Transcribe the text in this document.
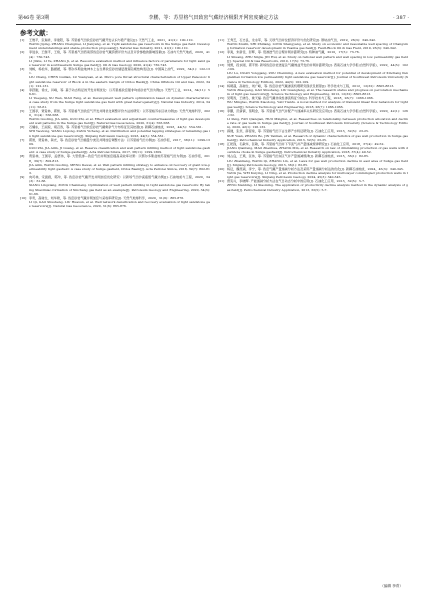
第46卷 第3期	李鹏，等：苏里格气田致密气藏经济极限开网密度确定方法	· 387 ·
参考文献：

[1] 王维平，张瑞祥，李建阳，等. 苏里格气田致密砂岩气藏开发认识与稳产建议[J]. 天然气工业，2021，41(2)：100-110.

WANG Jiping, ZHANG Chengmei, LI Jianyang, et al. Tight sandstone gas reservoirs in the Sulige gas field: Development understandings and stable-production proposals[J]. Natural Gas Industry, 2021, 41(2): 100-110.

[2] 李进步，王继平，王艳，等. 苏里格气田西南部致密砂岩气藏资源评价方法及评价参数的影响因素[J]. 石油与天然气地质，2020，41(4)：730-743.

LI Jinbu, LI Ye, ZHANG Ji, et al. Resource evaluation method and influence factors of parameters for tight sand gas reservoir in southwestern Sulige gas field[J]. Oil & Gas Geology, 2020, 41(4): 730-743.

[3] 刘畅，杨松华，路媛媛，等. 鄂尔多斯盆地神木上古生界致密砂岩储层微观孔喉结构表征[J]. 中国海上油气，2022，34(1)：122-131.

LIU Chang, CHEN Guilian, LU Yuanyuan, et al. Micro pore throat structural characterization of Upper Paleozoic tight sandstone reservoir of Block A in the eastern margin of Ordos Basin[J]. China Offshore Oil and Gas, 2022, 34(1): 122-131.

[4] 李跃刚，徐文，肖峰，等. 基于动态特征的开发井网优化：以苏里格致密强非均质砂岩气田为例[J]. 天然气工业，2014，34(11)：56-61.

LI Yuegang, XU Wen, XIAO Feng, et al. Development well pattern optimization based on dynamic characteristics: A case study from the Sulige tight sandstone gas field with great heterogeneity[J]. Natural Gas Industry, 2014, 34(11): 56-61.

[5] 王国亭，贾爱林，郭智，等. 苏里格气田致密气开发井网优化调整评价方法的研究：以苏里格苏东区块为例[J]. 天然气地球科学，2020，31(4)：556-568.

WANG Guoting, JIA Ailin, GUO Zhi, et al. Effect evaluation and adjustment countermeasures of tight gas development well patterns in the Sulige gas field[J]. Natural Gas Geoscience, 2020, 31(4): 556-568.

[6] 石耀东，王丽琼，胡召涛，等. 苏里格气田致密砂岩气藏剩余气分布特征及其挖潜[J]. 新疆石油地质，2023，44(5)：554-561.

SHI Yaodong, WANG Liqiong, ZANG Yicheng, et al. Distribution and potential tapping strategies of remaining gas in tight sandstone gas reservoirs[J]. Xinjiang Petroleum Geology, 2023, 44(5): 554-561.

[7] 郭智，贾爱林，冀光，等. 致密砂岩气田储量分类及井网加密调整方法：以苏里格气田为例[J]. 石油学报，2017，38(11)：1299-1309.

GUO Zhi, JIA Ailin, JI Guang, et al. Reserve classification and well pattern infilling method of tight sandstone gasfield: A case study of Sulige gasfield[J]. Acta Petrolei Sinica, 2017, 38(11): 1299-1309.

[8] 贾爱林，王国亭，孟德伟，等. 大型低渗—致密气田井网加密提高采收率对策：以鄂尔多斯盆地苏里格气田为例[J]. 石油学报，2018，39(7)：802-813.

JIA Ailin, WANG Guoting, MENG Dewei, et al. Well pattern infilling strategy to enhance oil recovery of giant low-permeability tight gasfield: A case study of Sulige gasfield, Ordos Basin[J]. Acta Petrolei Sinica, 2018, 39(7): 802-813.

[9] 向司林，宋振廊，郭冲，等. 致密砂岩气藏开发井网加密优化研究：以新场气田沙溪庙组气藏为例[J]. 石油地质与工程，2020，34(3)：61-66.

XIANG Lingxiang, ZONG Chenmeng. Optimization of well pattern infilling in tight sandstone gas reservoirs: By taking Shaximiao formation of Xinchang gas field as an example[J]. Petroleum Geology and Engineering, 2020, 34(3): 61-66.

[10] 李奇，高树生，刘华勋，等. 致密砂岩气藏井网加密与采收率研究[J]. 天然气地球科学，2020，31(6)：865-876.

LI Qi, GAO Shusheng, LIU Huaxun, et al. Well network densification and recovery evaluation of tight sandstone gas reservoirs[J]. Natural Gas Geoscience, 2020, 31(6): 865-876.

[11] 王秀芝，石志良，龙永军，等. 元坝气田井位经济评价与优化研究[J]. 断块油气田，2019，26(3)：340-342.

WANG Xiuzhi, SHI Zhiliang, LONG Shengyang, et al. Study on economic and reasonable well spacing of Changxing formation reservoir development in Yuanba gas field[J]. Fault-Block Oil & Gas Field, 2019, 26(3): 340-342.

[12] 李爽，朱新佳，彭辉，等. 低渗透气田合理井网井距研究[J]. 特种油气藏，2010，17(5)：73-76.

LI Shuang, ZHU Xinjia, JIN Hui, et al. Study on rational well pattern and well spacing in low permeability gas field[J]. Special Oil & Gas Reservoirs, 2010, 17(5): 73-76.

[13] 刘源，段永刚，郭平智. 新场致密砂岩透复杂气藏效益开发的井网井距研究[J]. 西南石油大学学报(自然科学版)，2022，44(5)：102-109.

LIU Lu, DUAN Yonggang, ZOU Chenming. A new evaluation method for potential of development of Xinchang Penglaizhen formation low permeability tight sandstone gas reservoir[J]. Journal of Southwest Petroleum University (Science & Technology Edition), 2022, 44(5): 102-109.

[14] 杨朝蓬，高树生，刘广峰，等. 致密砂岩气藏渗流机理研究现状及展望[J]. 科学技术与工程，2012，12(32)：8605-8613.

YANG Zhaopeng, GAO Shusheng, LIU Guangfeng, et al. The research status and progress on percolation mechanism of tight gas reservoirs[J]. Science Technology and Engineering, 2012, 12(32): 8605-8613.

[15] 吴明涛，王晓冬，姚天福. 致密气藏非线性渗流特征分析[J]. 科学技术与工程，2018，26(7)：1066-1066.

WU Mingtao, WANG Xiaodong, YAO Tianfu. A novel method for analysis of transient linear flow behaviors for tight gas well[J]. Science Technology and Engineering, 2018, 26(7): 1066-1066.

[16] 李鹏，范倩倩，蔡明金，等. 苏里格气田气井配产与递减率关系研究及应用[J]. 西南石油大学学报(自然科学版)，2020，42(1)：126-132.

LI Peng, FAN Qianqian, HUO Minghui, et al. Researches on relationship between production allocation and decline rate of gas wells in Sulige gas field[J]. Journal of Southwest Petroleum University (Science & Technology Edition), 2020, 42(1): 126-132.

[17] 薛健，张宾，薛留常，等. 苏里格气田下古生界产水特征研究[J]. 石油化工应用，2013，32(5)：23-25.

XUE Yuan, ZHANG Bo, JIN Yanlian, et al. Research of dynamic characteristics of gas well production in Sulige gas field[J]. Petrochemical Industry Application, 2013, 32(5): 23-25.

[18] 江乾锋，毛敏华，张敏，等. 苏里格气田井下节流气井产量递减规律研究[J]. 石油化工应用，2018，37(4)：49-52.

JIANG Qianfeng, MAO Zhenhua, ZHANG Min, et al. Research on law of diminishing production of gas wells with downhole choke in Sulige gasfield[J]. Petrochemical Industry Application, 2018, 37(4): 49-52.

[19] 刘占良，王瑛，张伟，等. 苏里格气田东区气井产量递减规律[J]. 新疆石油地质，2015，36(1)：82-85.

LIU Zhanliang, WANG Qi, ZHANG Lin, et al. Laws for gas well production decline in east area of Sulige gas field[J]. Xinjiang Petroleum Geology, 2015, 36(1): 82-85.

[20] 杨征，魏昆颖，李宁，等. 致密气藏产量递减分析方法及采用产量递减分析法的优化[J]. 新疆石油地质，2024，45(3)：340-345.

YANG Jie, WEI Kuiying, LI Ning, et al. Production decline analysis for multi-layer commingled production wells in tight gas reservoirs[J]. Xinjiang Petroleum Geology, 2024, 45(3): 340-345.

[21] 曾宪兵，李晓辉. 产能递减分析方法在气日动态分析中的应用[J]. 石油化工应用，2013，32(5)：5-7.

ZENG Xianbing, LI Xiaoming. The application of productivity decline analysis method in the dynamic analysis of gas field[J]. Petrochemical Industry Application, 2013, 32(5): 5-7.

（编辑 李青）
